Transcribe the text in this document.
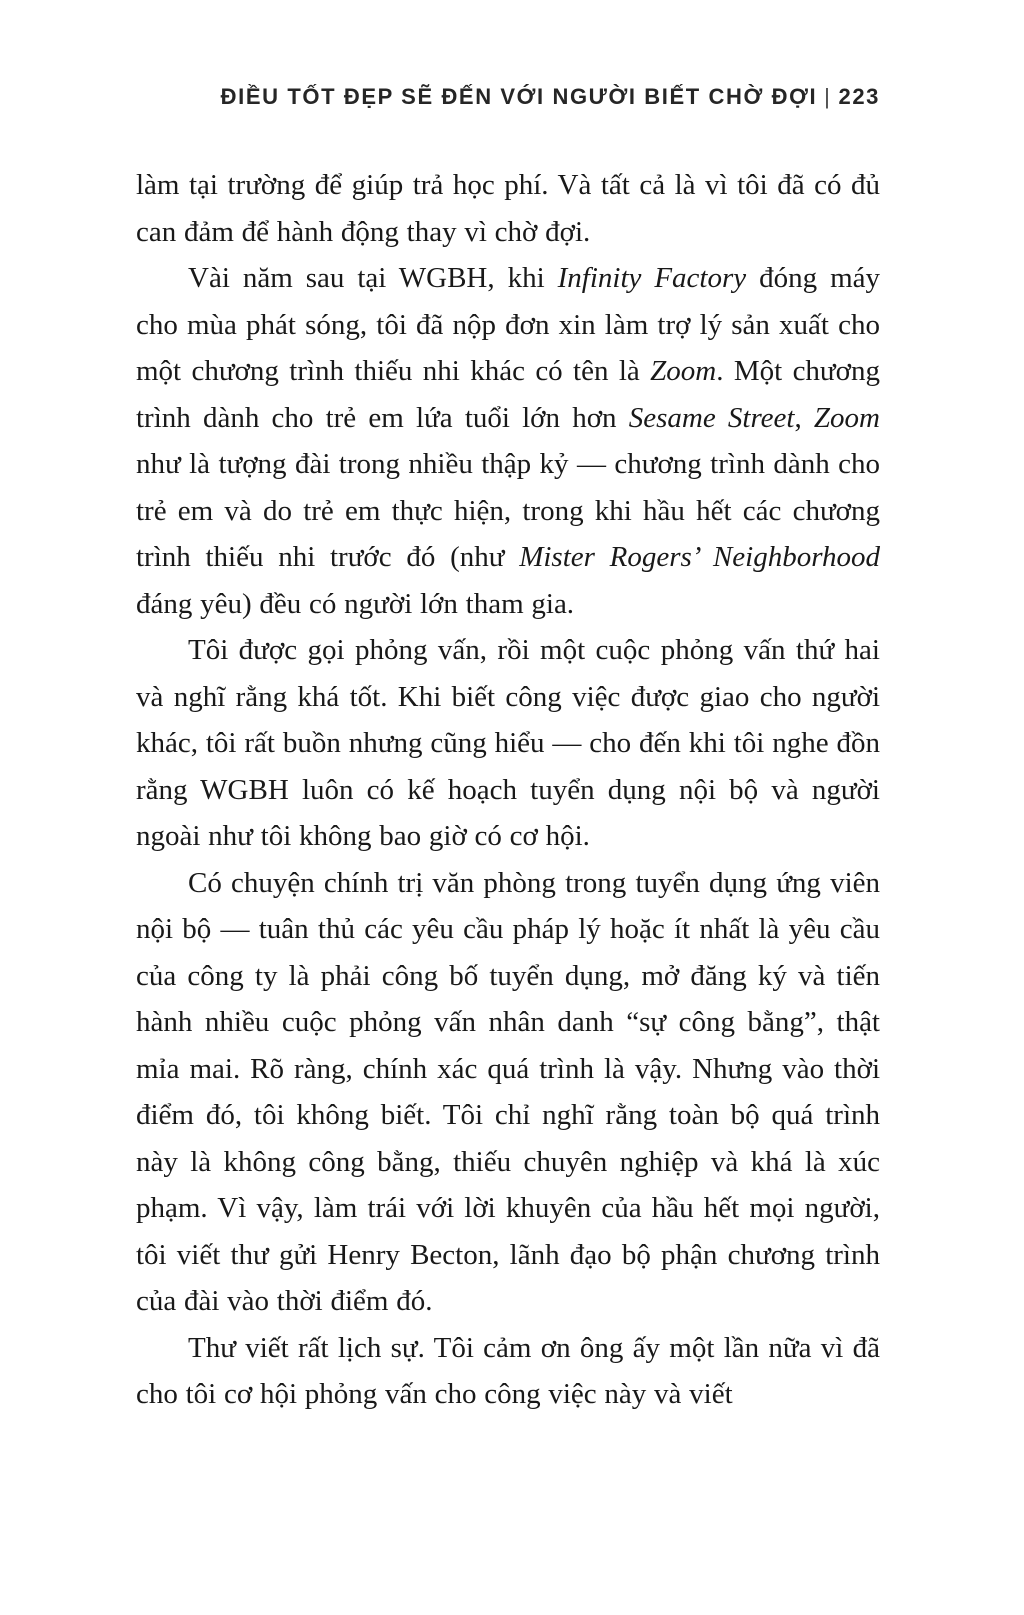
ĐIỀU TỐT ĐẸP SẼ ĐẾN VỚI NGƯỜI BIẾT CHỜ ĐỢI | 223

làm tại trường để giúp trả học phí. Và tất cả là vì tôi đã có đủ can đảm để hành động thay vì chờ đợi.

Vài năm sau tại WGBH, khi Infinity Factory đóng máy cho mùa phát sóng, tôi đã nộp đơn xin làm trợ lý sản xuất cho một chương trình thiếu nhi khác có tên là Zoom. Một chương trình dành cho trẻ em lứa tuổi lớn hơn Sesame Street, Zoom như là tượng đài trong nhiều thập kỷ — chương trình dành cho trẻ em và do trẻ em thực hiện, trong khi hầu hết các chương trình thiếu nhi trước đó (như Mister Rogers’ Neighborhood đáng yêu) đều có người lớn tham gia.

Tôi được gọi phỏng vấn, rồi một cuộc phỏng vấn thứ hai và nghĩ rằng khá tốt. Khi biết công việc được giao cho người khác, tôi rất buồn nhưng cũng hiểu — cho đến khi tôi nghe đồn rằng WGBH luôn có kế hoạch tuyển dụng nội bộ và người ngoài như tôi không bao giờ có cơ hội.

Có chuyện chính trị văn phòng trong tuyển dụng ứng viên nội bộ — tuân thủ các yêu cầu pháp lý hoặc ít nhất là yêu cầu của công ty là phải công bố tuyển dụng, mở đăng ký và tiến hành nhiều cuộc phỏng vấn nhân danh “sự công bằng”, thật mỉa mai. Rõ ràng, chính xác quá trình là vậy. Nhưng vào thời điểm đó, tôi không biết. Tôi chỉ nghĩ rằng toàn bộ quá trình này là không công bằng, thiếu chuyên nghiệp và khá là xúc phạm. Vì vậy, làm trái với lời khuyên của hầu hết mọi người, tôi viết thư gửi Henry Becton, lãnh đạo bộ phận chương trình của đài vào thời điểm đó.

Thư viết rất lịch sự. Tôi cảm ơn ông ấy một lần nữa vì đã cho tôi cơ hội phỏng vấn cho công việc này và viết
